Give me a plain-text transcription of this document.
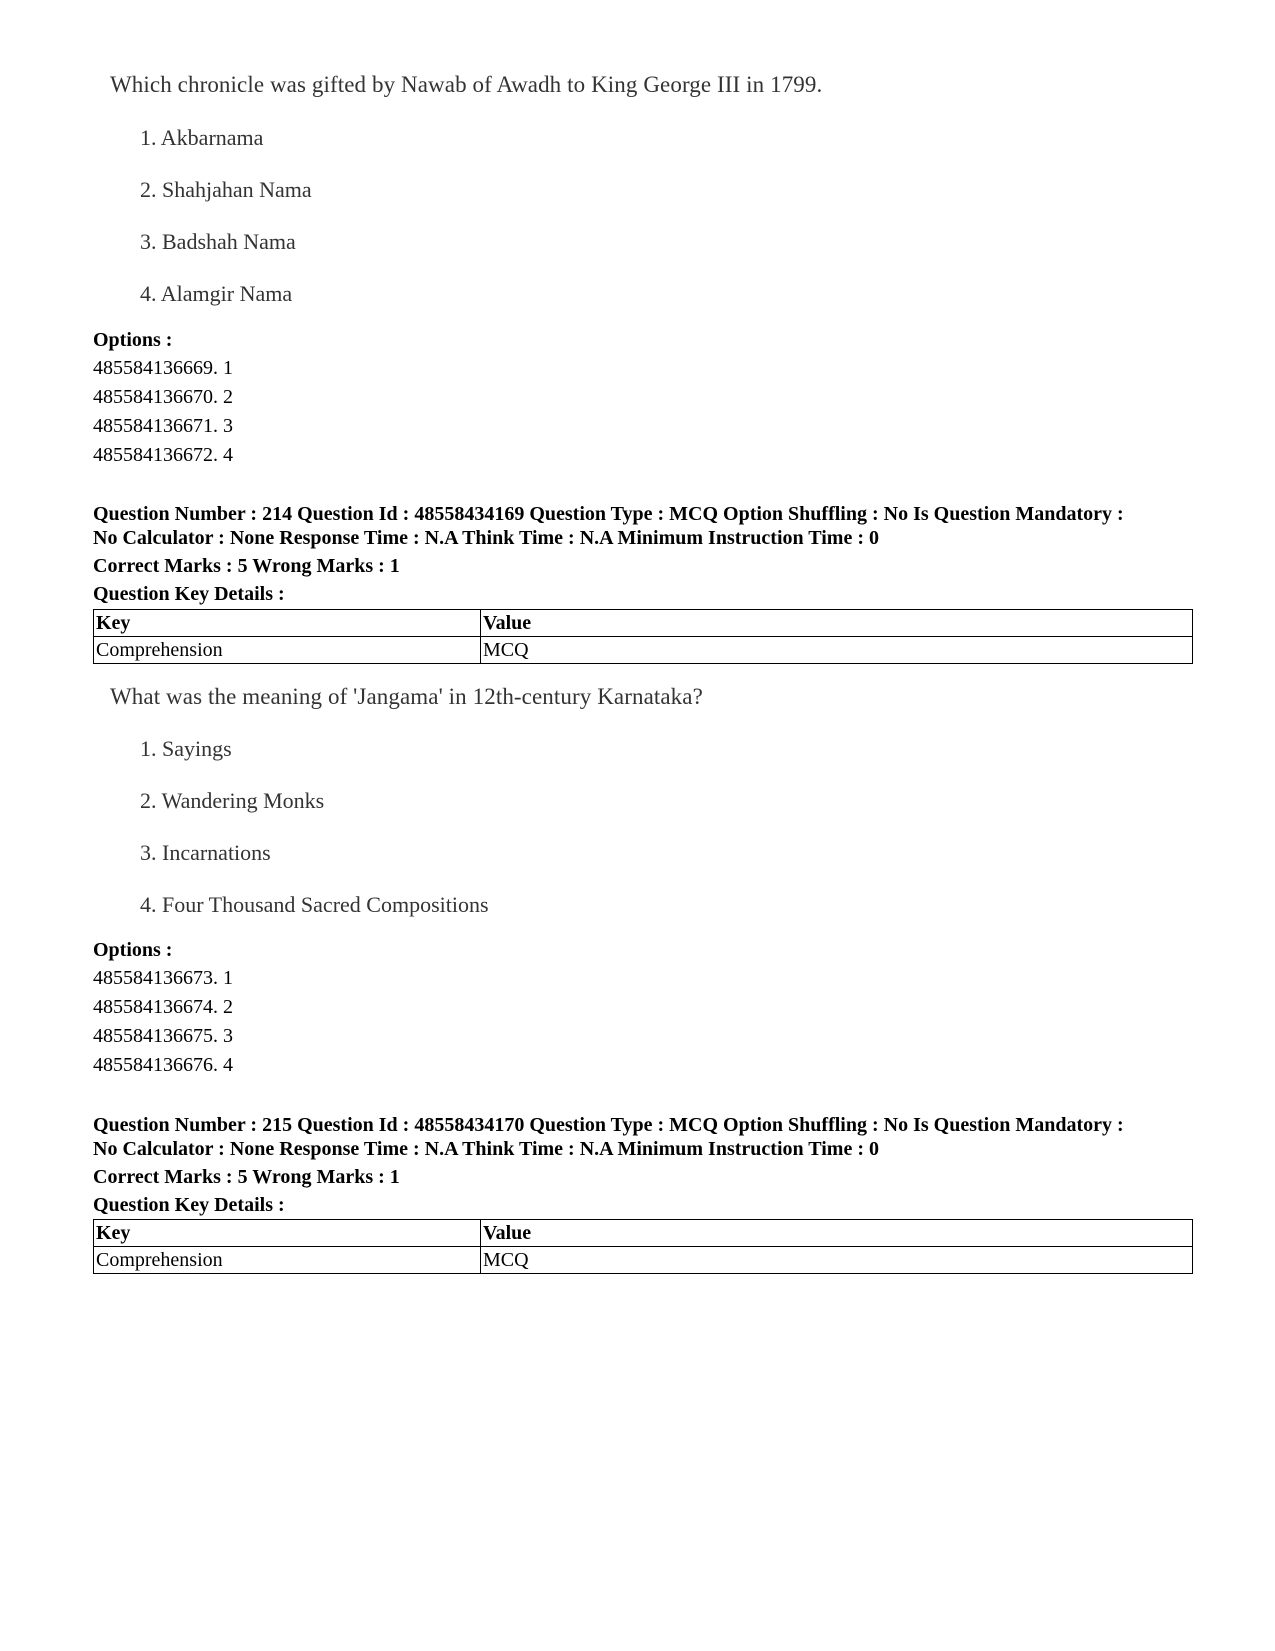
Which chronicle was gifted by Nawab of Awadh to King George III in 1799.
1. Akbarnama
2. Shahjahan Nama
3. Badshah Nama
4. Alamgir Nama
Options :
485584136669. 1
485584136670. 2
485584136671. 3
485584136672. 4
Question Number : 214 Question Id : 48558434169 Question Type : MCQ Option Shuffling : No Is Question Mandatory :
No Calculator : None Response Time : N.A Think Time : N.A Minimum Instruction Time : 0
Correct Marks : 5 Wrong Marks : 1
Question Key Details :
Key	Value
Comprehension	MCQ
What was the meaning of 'Jangama' in 12th-century Karnataka?
1. Sayings
2. Wandering Monks
3. Incarnations
4. Four Thousand Sacred Compositions
Options :
485584136673. 1
485584136674. 2
485584136675. 3
485584136676. 4
Question Number : 215 Question Id : 48558434170 Question Type : MCQ Option Shuffling : No Is Question Mandatory :
No Calculator : None Response Time : N.A Think Time : N.A Minimum Instruction Time : 0
Correct Marks : 5 Wrong Marks : 1
Question Key Details :
Key	Value
Comprehension	MCQ
